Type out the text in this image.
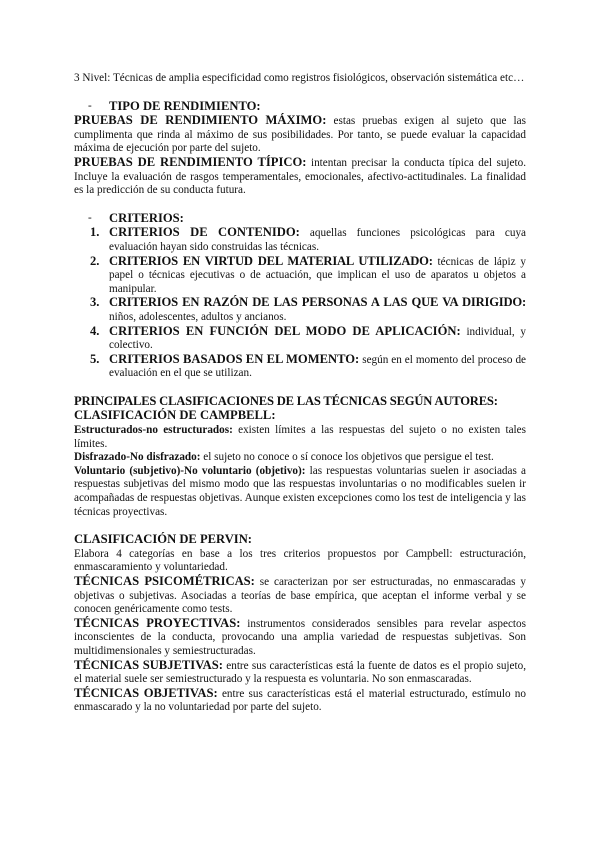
3 Nivel: Técnicas de amplia especificidad como registros fisiológicos, observación sistemática etc…

- TIPO DE RENDIMIENTO:

PRUEBAS DE RENDIMIENTO MÁXIMO: estas pruebas exigen al sujeto que las cumplimenta que rinda al máximo de sus posibilidades. Por tanto, se puede evaluar la capacidad máxima de ejecución por parte del sujeto.

PRUEBAS DE RENDIMIENTO TÍPICO: intentan precisar la conducta típica del sujeto. Incluye la evaluación de rasgos temperamentales, emocionales, afectivo-actitudinales. La finalidad es la predicción de su conducta futura.

- CRITERIOS:

1. CRITERIOS DE CONTENIDO: aquellas funciones psicológicas para cuya evaluación hayan sido construidas las técnicas.
2. CRITERIOS EN VIRTUD DEL MATERIAL UTILIZADO: técnicas de lápiz y papel o técnicas ejecutivas o de actuación, que implican el uso de aparatos u objetos a manipular.
3. CRITERIOS EN RAZÓN DE LAS PERSONAS A LAS QUE VA DIRIGIDO: niños, adolescentes, adultos y ancianos.
4. CRITERIOS EN FUNCIÓN DEL MODO DE APLICACIÓN: individual, y colectivo.
5. CRITERIOS BASADOS EN EL MOMENTO: según en el momento del proceso de evaluación en el que se utilizan.

PRINCIPALES CLASIFICACIONES DE LAS TÉCNICAS SEGÚN AUTORES:

CLASIFICACIÓN DE CAMPBELL:

Estructurados-no estructurados: existen límites a las respuestas del sujeto o no existen tales límites.

Disfrazado-No disfrazado: el sujeto no conoce o sí conoce los objetivos que persigue el test.

Voluntario (subjetivo)-No voluntario (objetivo): las respuestas voluntarias suelen ir asociadas a respuestas subjetivas del mismo modo que las respuestas involuntarias o no modificables suelen ir acompañadas de respuestas objetivas. Aunque existen excepciones como los test de inteligencia y las técnicas proyectivas.

CLASIFICACIÓN DE PERVIN:

Elabora 4 categorías en base a los tres criterios propuestos por Campbell: estructuración, enmascaramiento y voluntariedad.

TÉCNICAS PSICOMÉTRICAS: se caracterizan por ser estructuradas, no enmascaradas y objetivas o subjetivas. Asociadas a teorías de base empírica, que aceptan el informe verbal y se conocen genéricamente como tests.

TÉCNICAS PROYECTIVAS: instrumentos considerados sensibles para revelar aspectos inconscientes de la conducta, provocando una amplia variedad de respuestas subjetivas. Son multidimensionales y semiestructuradas.

TÉCNICAS SUBJETIVAS: entre sus características está la fuente de datos es el propio sujeto, el material suele ser semiestructurado y la respuesta es voluntaria. No son enmascaradas.

TÉCNICAS OBJETIVAS: entre sus características está el material estructurado, estímulo no enmascarado y la no voluntariedad por parte del sujeto.
